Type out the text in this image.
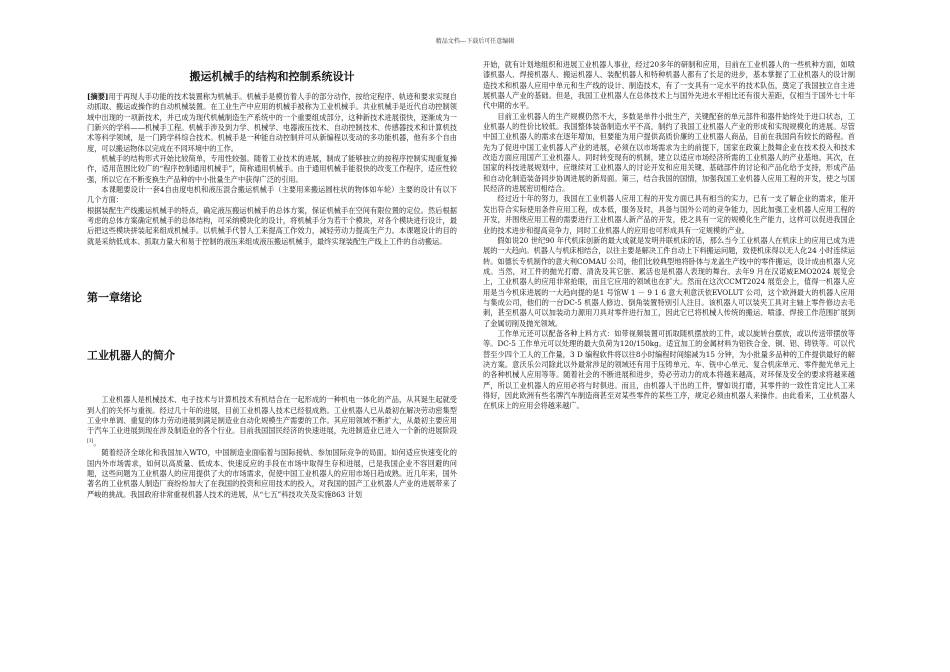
精品文档---下载后可任意编辑
搬运机械手的结构和控制系统设计

[摘要]用于再现人手功能的技术装置称为机械手。机械手是模仿着人手的部分动作，按给定程序、轨迹和要求实现自动抓取、搬运或操作的自动机械装置。在工业生产中应用的机械手被称为工业机械手。共业机械手是近代自动控制领域中出现的一项新技术，并已成为现代机械制造生产系统中的一个重要组成部分，这种新技术进展很快，逐渐成为一门新兴的学科——机械手工程。机械手涉及到力学、机械学、电器液压技术、自动控制技术、传感器技术和计算机技术等科学领域，是一门跨学科综合技术。机械手是一种能自动控制并可从新编程以变动的多功能机器，他有多个自由度，可以搬运物体以完成在不同环境中的工作。

机械手的结构形式开始比较简单，专用性较强。随着工业技术的进展，制成了能够独立的按程序控制实现重复操作，适用范围比较广的“程序控制通用机械手”，简称通用机械手。由于通用机械手能很快的改变工作程序，适应性较强，所以它在不断变换生产品种的中小批量生产中获得广泛的引用。

本课题要设计一套4自由度电机和液压混合搬运机械手（主要用来搬运圆柱状的物体如车轮）主要的设计有以下几个方面：

根据装配生产线搬运机械手的特点，确定液压搬运机械手的总体方案，保证机械手在空间有限位置的定位。然后根据考虑的总体方案确定机械手的总体结构，可采纳模块化的设计，将机械手分为若干个模块，对各个模块进行设计，最后把这些模块拼装起来组成机械手。以机械手代替人工来提高工作效力，减轻劳动力提高生产力。本课题设计的目的就是采纳低成本、抓取力量大和易于控制的液压来组成液压搬运机械手，最终实现装配生产线上工件的自动搬运。

第一章绪论
工业机器人的简介

工业机器人是机械技术、电子技术与计算机技术有机结合在一起形成的一种机电一体化的产品，从其诞生起就受到人们的关怀与重视。经过几十年的进展，目前工业机器人技术已经很成熟。工业机器人已从最初在解决劳动密集型工业中单调、重复的体力劳动进展到满足制造业自动化规模生产需要的工作。其应用领域不断扩大，从最初主要应用于汽车工业进展到现在涉及制造业的各个行业。目前我国国民经济的快速进展，先进制造业已进入一个新的进展阶段[1]。

随着经济全球化和我国加入WTO，中国制造业面临着与国际接轨、参加国际竞争的局面。如何适应快速变化的国内外市场需求，如何以高质量、低成本、快速反应的手段在市场中取得生存和进展，已是我国企业不容回避的问题，这些问题为工业机器人的应用提供了大的市场需求，促使中国工业机器人的应用市场日趋成熟。近几年来，国外著名的工业机器人制造厂商纷纷加大了在我国的投资和应用技术的投入，对我国的国产工业机器人产业的进展带来了严峻的挑战。我国政府非常重视机器人技术的进展，从“七五”科技攻关及实施863 计划

开始，就有计划地组织和进展工业机器人事业，经过20多年的研制和应用，目前在工业机器人的一些机种方面，如喷漆机器人、焊接机器人、搬运机器人、装配机器人和特种机器人都有了长足的进步，基本掌握了工业机器人的设计制造技术和机器人应用中单元和生产线的设计、制造技术，有了一支具有一定水平的技术队伍，奠定了我国独立自主进展机器人产业的基础。但是，我国工业机器人在总体技术上与国外先进水平相比还有很大差距，仅相当于国外七十年代中期的水平。

目前工业机器人的生产规模仍然不大，多数是单件小批生产，关键配套的单元部件和器件始终处于进口状态，工业机器人的性价比较低。我国整体装备制造水平不高，制约了我国工业机器人产业的形成和实现规模化的进展。尽管中国工业机器人的需求在逐年增加，但要能为用户提供高质价廉的工业机器人商品，目前在我国尚有较长的路程。首先为了促进中国工业机器人产业的进展，必须在以市场需求为主的前提下，国家在政策上鼓舞企业在技术投入和技术改造方面应用国产工业机器人。同时转变现有的机制，建立以适应市场经济所需的工业机器人的产业基地。其次，在国家的科技进展规划中，应继续对工业机器人的讨论开发和应用关键、基础部件的讨论和产品化给予支持，形成产品和自动化制造装备同步协调进展的新局面。第三，结合我国的国情，加强我国工业机器人应用工程的开发，使之与国民经济的进展密切相结合。

经过近十年的努力，我国在工业机器人应用工程的开发方面已具有相当的实力，已有一支了解企业的需求，能开发出符合实际使用条件应用工程，成本低，服务及时，具备与国外公司的竞争能力，因此加强工业机器人应用工程的开发，并围绕应用工程的需要进行工业机器人新产品的开发，使之具有一定的规模化生产能力，这样可以促进我国企业的技术进步和提高竞争力，同时工业机器人的应用也可形成具有一定规模的产业。

假如说20 世纪90 年代机床创新的最大成就是发明并联机床的话，那么当今工业机器人在机床上的应用已成为进展的一大趋向。机器人与机床相结合，以往主要是解决工件自动上下料搬运问题，致使机床得以无人化24 小时连续运转。如德长专机制作的意大利COMAU 公司，他们比较典型地将卧体与龙盖生产线中的零件搬运，设计成由机器人完成。当然，对工件的抛光打磨、清洗及其它脏、累活也是机器人表现的舞台。去年9 月在汉诺威EMO2024 展览会上，工业机器人的应用非常抢眼，而且它应用的领域也在扩大。然而在这次CCMT2024 展览会上，值得一机器人应用是当今机床进展的一大趋向提的是1 号馆W 1 － 9 1 6 意大利意沃依EVOLUT 公司，这个欧洲最大的机器人应用与集成公司，他们的一台DC-5 机器人修边、倒角装置特别引人注目。该机器人可以装夹工具对主轴上零件修边去毛刺，甚至机器人可以加装动力源用刀具对零件进行加工，因此它已将机械人传统的搬运、喷漆、焊接工作范围扩展到了金属切削及抛光领域。

工作单元还可以配备各种上料方式：如带视频装置可抓取随机摆放的工件，或以旋转台摆放，或以传送带摆放等等。DC-5 工作单元可以处理的最大负荷为120/150kg。适宜加工的金属材料为铝铁合金、铜、铝、铸铁等。可以代替至少四个工人的工作量，3 D 编程软件将以往8小时编程时间缩减为15 分钟，为小批量多品种的工件提供最好的解决方案。意沃乐公司除此以外最常涉足的领域还有用于压铸单元、车、铣中心单元、复合机床单元、零件抛光单元上的各种机械人应用等等。随着社会的不断进展和进步，势必劳动力的成本将越来越高，对环保及安全的要求将越来越严，所以工业机器人的应用必将与时俱进。而且，由机器人干出的工件，譬如说打磨，其零件的一致性肯定比人工来得好，因此欧洲有些名牌汽车制造商甚至对某些零件的某些工序，规定必须由机器人来操作。由此看来，工业机器人在机床上的应用会将越来越广。
